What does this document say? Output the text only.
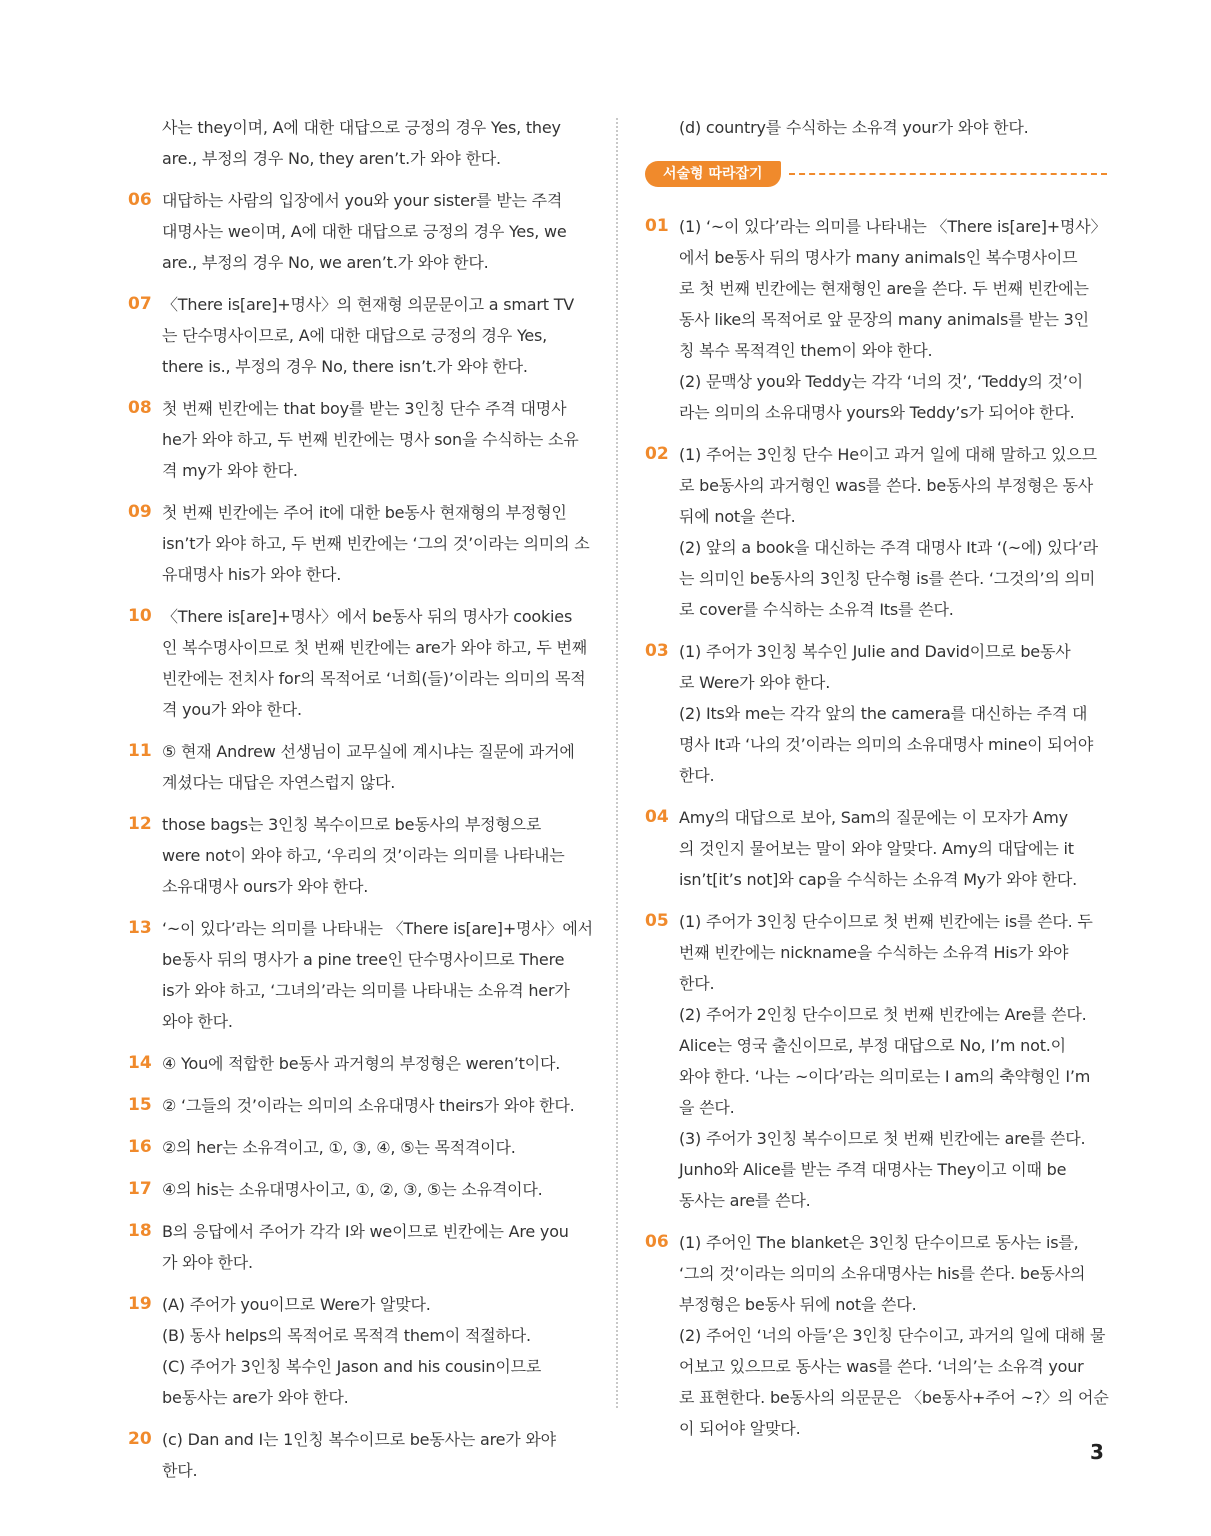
사는 they이며, A에 대한 대답으로 긍정의 경우 Yes, they
are., 부정의 경우 No, they aren’t.가 와야 한다.
06 대답하는 사람의 입장에서 you와 your sister를 받는 주격
대명사는 we이며, A에 대한 대답으로 긍정의 경우 Yes, we
are., 부정의 경우 No, we aren’t.가 와야 한다.
07 〈There is[are]+명사〉의 현재형 의문문이고 a smart TV
는 단수명사이므로, A에 대한 대답으로 긍정의 경우 Yes,
there is., 부정의 경우 No, there isn’t.가 와야 한다.
08 첫 번째 빈칸에는 that boy를 받는 3인칭 단수 주격 대명사
he가 와야 하고, 두 번째 빈칸에는 명사 son을 수식하는 소유
격 my가 와야 한다.
09 첫 번째 빈칸에는 주어 it에 대한 be동사 현재형의 부정형인
isn’t가 와야 하고, 두 번째 빈칸에는 ‘그의 것’이라는 의미의 소
유대명사 his가 와야 한다.
10 〈There is[are]+명사〉에서 be동사 뒤의 명사가 cookies
인 복수명사이므로 첫 번째 빈칸에는 are가 와야 하고, 두 번째
빈칸에는 전치사 for의 목적어로 ‘너희(들)’이라는 의미의 목적
격 you가 와야 한다.
11 ⑤ 현재 Andrew 선생님이 교무실에 계시냐는 질문에 과거에
계셨다는 대답은 자연스럽지 않다.
12 those bags는 3인칭 복수이므로 be동사의 부정형으로
were not이 와야 하고, ‘우리의 것’이라는 의미를 나타내는
소유대명사 ours가 와야 한다.
13 ‘~이 있다’라는 의미를 나타내는 〈There is[are]+명사〉에서
be동사 뒤의 명사가 a pine tree인 단수명사이므로 There
is가 와야 하고, ‘그녀의’라는 의미를 나타내는 소유격 her가
와야 한다.
14 ④ You에 적합한 be동사 과거형의 부정형은 weren’t이다.
15 ② ‘그들의 것’이라는 의미의 소유대명사 theirs가 와야 한다.
16 ②의 her는 소유격이고, ①, ③, ④, ⑤는 목적격이다.
17 ④의 his는 소유대명사이고, ①, ②, ③, ⑤는 소유격이다.
18 B의 응답에서 주어가 각각 I와 we이므로 빈칸에는 Are you
가 와야 한다.
19 (A) 주어가 you이므로 Were가 알맞다.
(B) 동사 helps의 목적어로 목적격 them이 적절하다.
(C) 주어가 3인칭 복수인 Jason and his cousin이므로
be동사는 are가 와야 한다.
20 (c) Dan and I는 1인칭 복수이므로 be동사는 are가 와야
한다.
(d) country를 수식하는 소유격 your가 와야 한다.
서술형 따라잡기
01 (1) ‘~이 있다’라는 의미를 나타내는 〈There is[are]+명사〉
에서 be동사 뒤의 명사가 many animals인 복수명사이므
로 첫 번째 빈칸에는 현재형인 are을 쓴다. 두 번째 빈칸에는
동사 like의 목적어로 앞 문장의 many animals를 받는 3인
칭 복수 목적격인 them이 와야 한다.
(2) 문맥상 you와 Teddy는 각각 ‘너의 것’, ‘Teddy의 것’이
라는 의미의 소유대명사 yours와 Teddy’s가 되어야 한다.
02 (1) 주어는 3인칭 단수 He이고 과거 일에 대해 말하고 있으므
로 be동사의 과거형인 was를 쓴다. be동사의 부정형은 동사
뒤에 not을 쓴다.
(2) 앞의 a book을 대신하는 주격 대명사 It과 ‘(~에) 있다’라
는 의미인 be동사의 3인칭 단수형 is를 쓴다. ‘그것의’의 의미
로 cover를 수식하는 소유격 Its를 쓴다.
03 (1) 주어가 3인칭 복수인 Julie and David이므로 be동사
로 Were가 와야 한다.
(2) Its와 me는 각각 앞의 the camera를 대신하는 주격 대
명사 It과 ‘나의 것’이라는 의미의 소유대명사 mine이 되어야
한다.
04 Amy의 대답으로 보아, Sam의 질문에는 이 모자가 Amy
의 것인지 물어보는 말이 와야 알맞다. Amy의 대답에는 it
isn’t[it’s not]와 cap을 수식하는 소유격 My가 와야 한다.
05 (1) 주어가 3인칭 단수이므로 첫 번째 빈칸에는 is를 쓴다. 두
번째 빈칸에는 nickname을 수식하는 소유격 His가 와야
한다.
(2) 주어가 2인칭 단수이므로 첫 번째 빈칸에는 Are를 쓴다.
Alice는 영국 출신이므로, 부정 대답으로 No, I’m not.이
와야 한다. ‘나는 ~이다’라는 의미로는 I am의 축약형인 I’m
을 쓴다.
(3) 주어가 3인칭 복수이므로 첫 번째 빈칸에는 are를 쓴다.
Junho와 Alice를 받는 주격 대명사는 They이고 이때 be
동사는 are를 쓴다.
06 (1) 주어인 The blanket은 3인칭 단수이므로 동사는 is를,
‘그의 것’이라는 의미의 소유대명사는 his를 쓴다. be동사의
부정형은 be동사 뒤에 not을 쓴다.
(2) 주어인 ‘너의 아들’은 3인칭 단수이고, 과거의 일에 대해 물
어보고 있으므로 동사는 was를 쓴다. ‘너의’는 소유격 your
로 표현한다. be동사의 의문문은 〈be동사+주어 ~?〉의 어순
이 되어야 알맞다.
3
